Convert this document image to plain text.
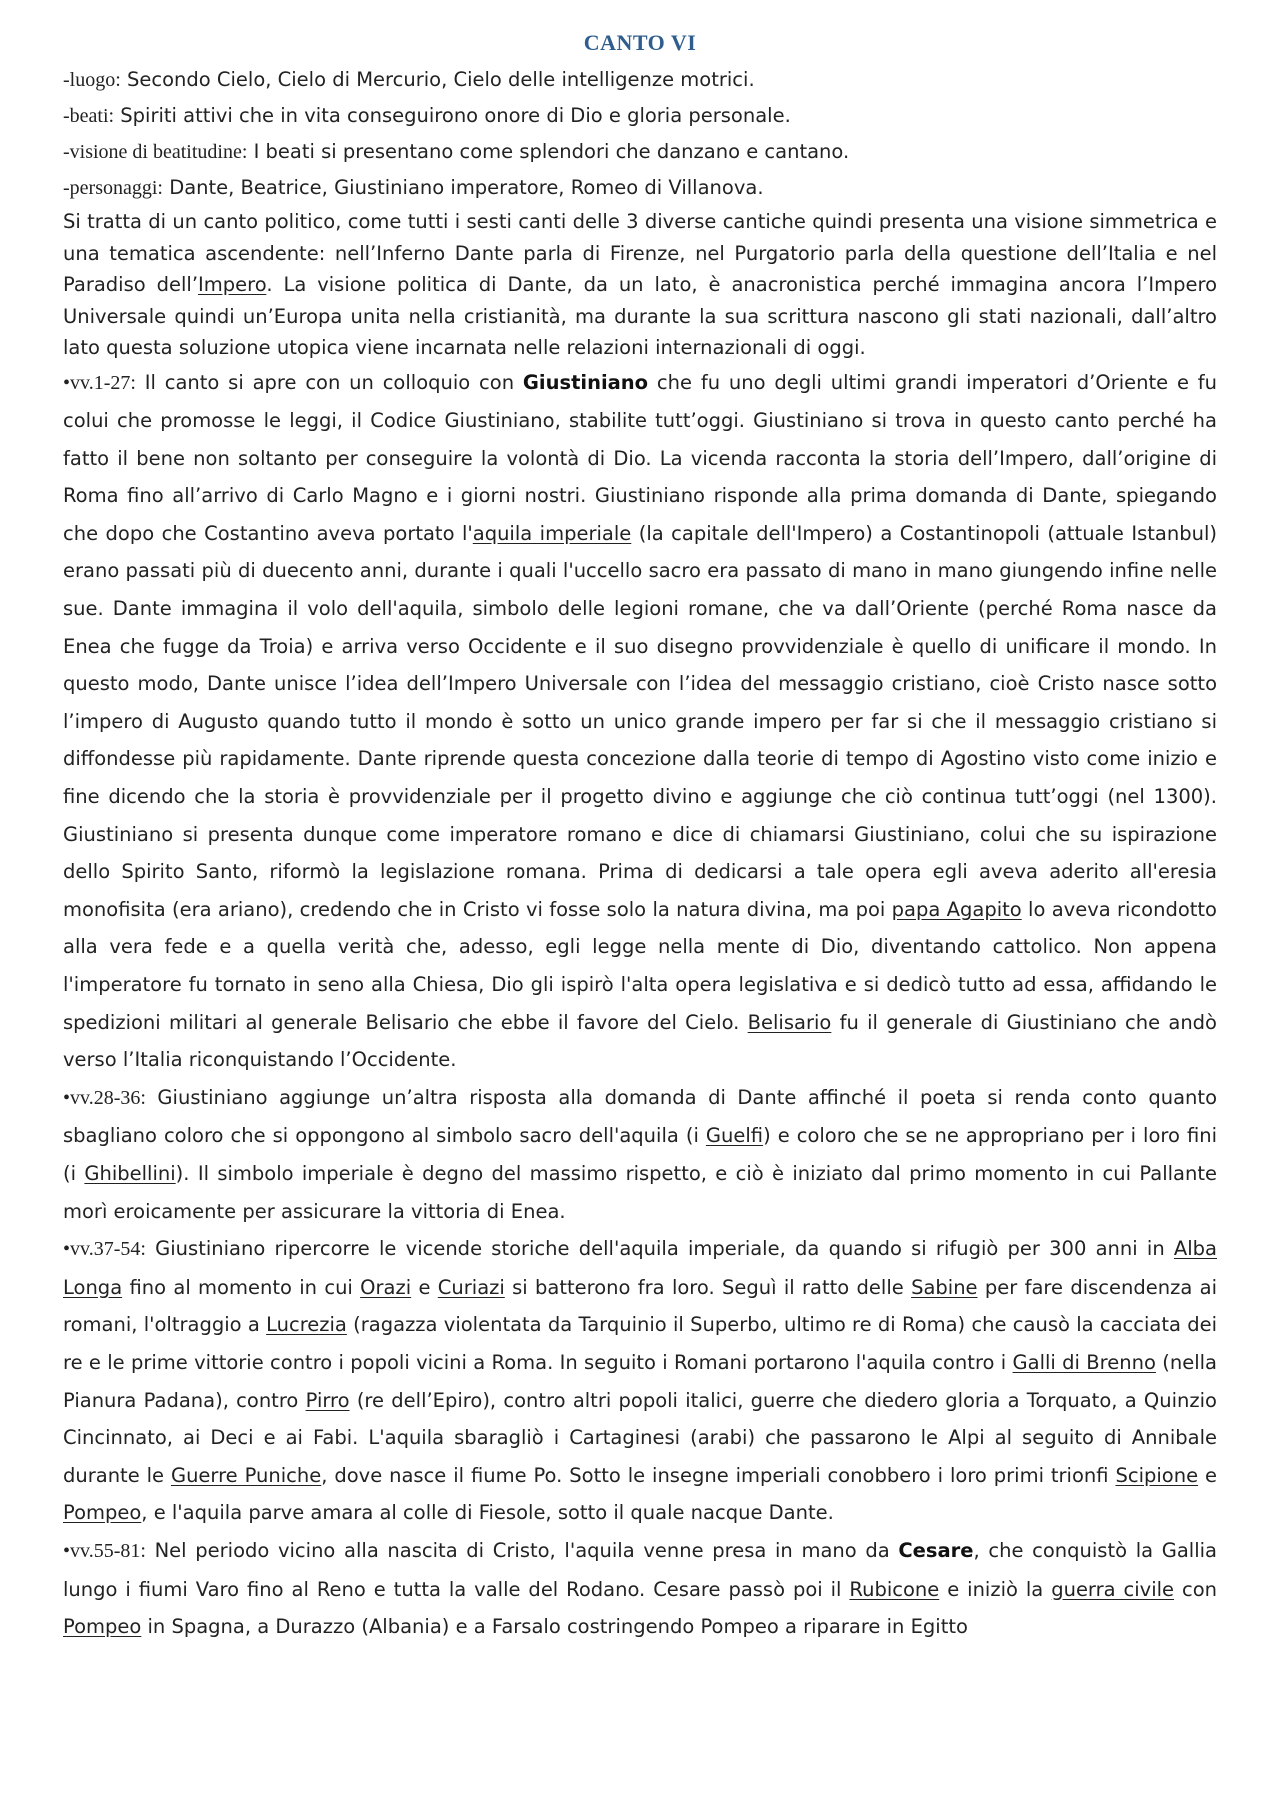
CANTO VI

-luogo: Secondo Cielo, Cielo di Mercurio, Cielo delle intelligenze motrici.

-beati: Spiriti attivi che in vita conseguirono onore di Dio e gloria personale.

-visione di beatitudine: I beati si presentano come splendori che danzano e cantano.

-personaggi: Dante, Beatrice, Giustiniano imperatore, Romeo di Villanova.

Si tratta di un canto politico, come tutti i sesti canti delle 3 diverse cantiche quindi presenta una visione simmetrica e una tematica ascendente: nell’Inferno Dante parla di Firenze, nel Purgatorio parla della questione dell’Italia e nel Paradiso dell’Impero. La visione politica di Dante, da un lato, è anacronistica perché immagina ancora l’Impero Universale quindi un’Europa unita nella cristianità, ma durante la sua scrittura nascono gli stati nazionali, dall’altro lato questa soluzione utopica viene incarnata nelle relazioni internazionali di oggi.

•vv.1-27: Il canto si apre con un colloquio con Giustiniano che fu uno degli ultimi grandi imperatori d’Oriente e fu colui che promosse le leggi, il Codice Giustiniano, stabilite tutt’oggi. Giustiniano si trova in questo canto perché ha fatto il bene non soltanto per conseguire la volontà di Dio. La vicenda racconta la storia dell’Impero, dall’origine di Roma fino all’arrivo di Carlo Magno e i giorni nostri. Giustiniano risponde alla prima domanda di Dante, spiegando che dopo che Costantino aveva portato l'aquila imperiale (la capitale dell'Impero) a Costantinopoli (attuale Istanbul) erano passati più di duecento anni, durante i quali l'uccello sacro era passato di mano in mano giungendo infine nelle sue. Dante immagina il volo dell'aquila, simbolo delle legioni romane, che va dall’Oriente (perché Roma nasce da Enea che fugge da Troia) e arriva verso Occidente e il suo disegno provvidenziale è quello di unificare il mondo. In questo modo, Dante unisce l’idea dell’Impero Universale con l’idea del messaggio cristiano, cioè Cristo nasce sotto l’impero di Augusto quando tutto il mondo è sotto un unico grande impero per far si che il messaggio cristiano si diffondesse più rapidamente. Dante riprende questa concezione dalla teorie di tempo di Agostino visto come inizio e fine dicendo che la storia è provvidenziale per il progetto divino e aggiunge che ciò continua tutt’oggi (nel 1300). Giustiniano si presenta dunque come imperatore romano e dice di chiamarsi Giustiniano, colui che su ispirazione dello Spirito Santo, riformò la legislazione romana. Prima di dedicarsi a tale opera egli aveva aderito all'eresia monofisita (era ariano), credendo che in Cristo vi fosse solo la natura divina, ma poi papa Agapito lo aveva ricondotto alla vera fede e a quella verità che, adesso, egli legge nella mente di Dio, diventando cattolico. Non appena l'imperatore fu tornato in seno alla Chiesa, Dio gli ispirò l'alta opera legislativa e si dedicò tutto ad essa, affidando le spedizioni militari al generale Belisario che ebbe il favore del Cielo. Belisario fu il generale di Giustiniano che andò verso l’Italia riconquistando l’Occidente.

•vv.28-36: Giustiniano aggiunge un’altra risposta alla domanda di Dante affinché il poeta si renda conto quanto sbagliano coloro che si oppongono al simbolo sacro dell'aquila (i Guelfi) e coloro che se ne appropriano per i loro fini (i Ghibellini). Il simbolo imperiale è degno del massimo rispetto, e ciò è iniziato dal primo momento in cui Pallante morì eroicamente per assicurare la vittoria di Enea.

•vv.37-54: Giustiniano ripercorre le vicende storiche dell'aquila imperiale, da quando si rifugiò per 300 anni in Alba Longa fino al momento in cui Orazi e Curiazi si batterono fra loro. Seguì il ratto delle Sabine per fare discendenza ai romani, l'oltraggio a Lucrezia (ragazza violentata da Tarquinio il Superbo, ultimo re di Roma) che causò la cacciata dei re e le prime vittorie contro i popoli vicini a Roma. In seguito i Romani portarono l'aquila contro i Galli di Brenno (nella Pianura Padana), contro Pirro (re dell’Epiro), contro altri popoli italici, guerre che diedero gloria a Torquato, a Quinzio Cincinnato, ai Deci e ai Fabi. L'aquila sbaragliò i Cartaginesi (arabi) che passarono le Alpi al seguito di Annibale durante le Guerre Puniche, dove nasce il fiume Po. Sotto le insegne imperiali conobbero i loro primi trionfi Scipione e Pompeo, e l'aquila parve amara al colle di Fiesole, sotto il quale nacque Dante.

•vv.55-81: Nel periodo vicino alla nascita di Cristo, l'aquila venne presa in mano da Cesare, che conquistò la Gallia lungo i fiumi Varo fino al Reno e tutta la valle del Rodano. Cesare passò poi il Rubicone e iniziò la guerra civile con Pompeo in Spagna, a Durazzo (Albania) e a Farsalo costringendo Pompeo a riparare in Egitto
